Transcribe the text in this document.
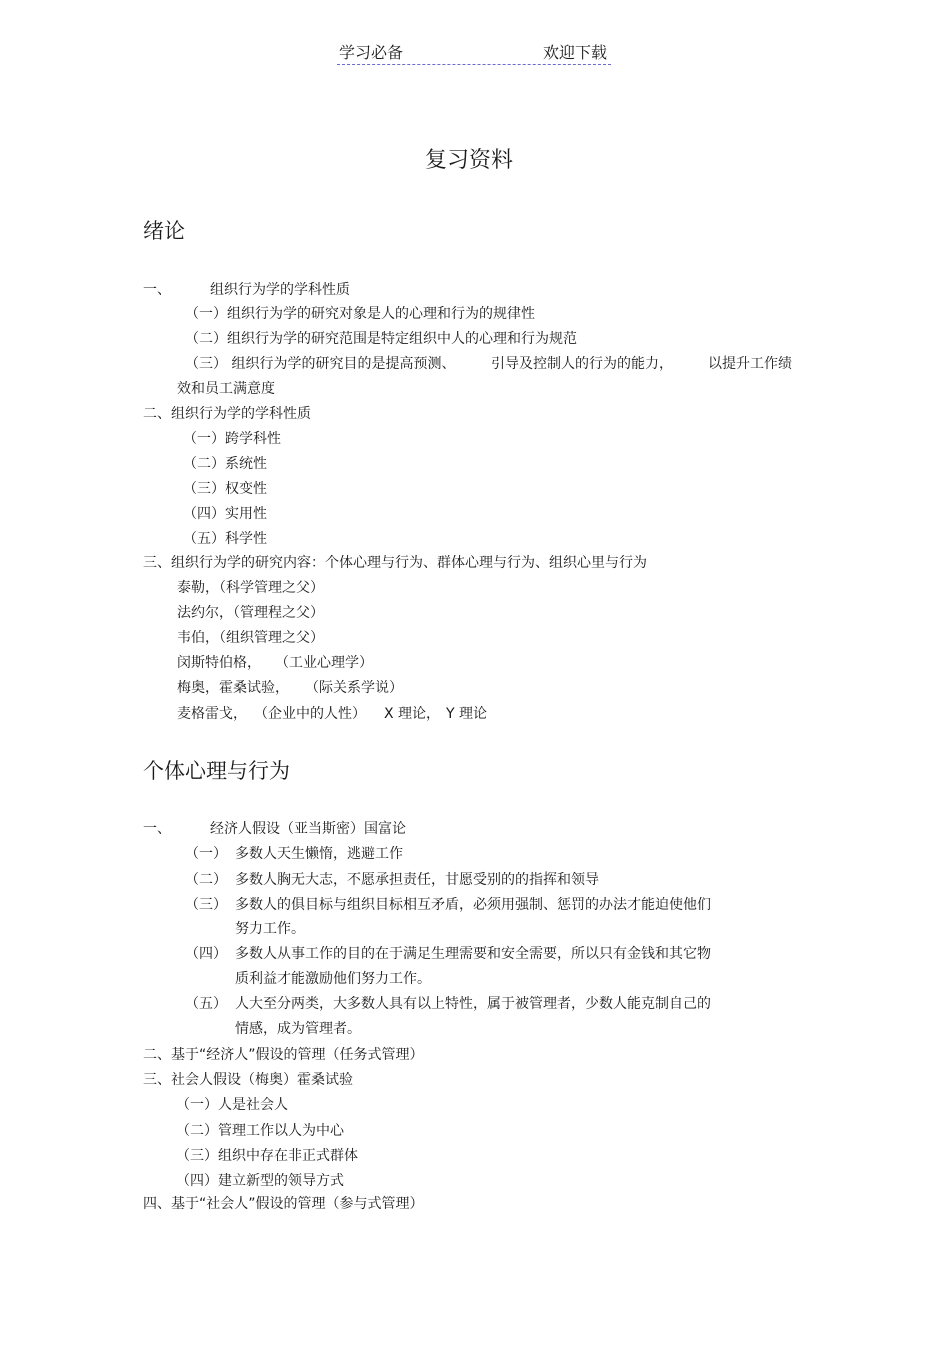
学习必备	欢迎下载
复习资料
绪论
一、	组织行为学的学科性质
（一）组织行为学的研究对象是人的心理和行为的规律性
（二）组织行为学的研究范围是特定组织中人的心理和行为规范
（三） 组织行为学的研究目的是提高预测、	引导及控制人的行为的能力，	以提升工作绩
效和员工满意度
二、组织行为学的学科性质
（一）跨学科性
（二）系统性
（三）权变性
（四）实用性
（五）科学性
三、组织行为学的研究内容：个体心理与行为、群体心理与行为、组织心里与行为
泰勒，（科学管理之父）
法约尔，（管理程之父）
韦伯，（组织管理之父）
闵斯特伯格， （工业心理学）
梅奥，霍桑试验， （际关系学说）
麦格雷戈， （企业中的人性） X 理论， Y 理论
个体心理与行为
一、	经济人假设（亚当斯密）国富论
（一） 多数人天生懒惰，逃避工作
（二） 多数人胸无大志，不愿承担责任，甘愿受别的的指挥和领导
（三） 多数人的俱目标与组织目标相互矛盾，必须用强制、惩罚的办法才能迫使他们
努力工作。
（四） 多数人从事工作的目的在于满足生理需要和安全需要，所以只有金钱和其它物
质利益才能激励他们努力工作。
（五） 人大至分两类，大多数人具有以上特性，属于被管理者，少数人能克制自己的
情感，成为管理者。
二、基于“经济人”假设的管理（任务式管理）
三、社会人假设（梅奥）霍桑试验
（一）人是社会人
（二）管理工作以人为中心
（三）组织中存在非正式群体
（四）建立新型的领导方式
四、基于“社会人”假设的管理（参与式管理）
